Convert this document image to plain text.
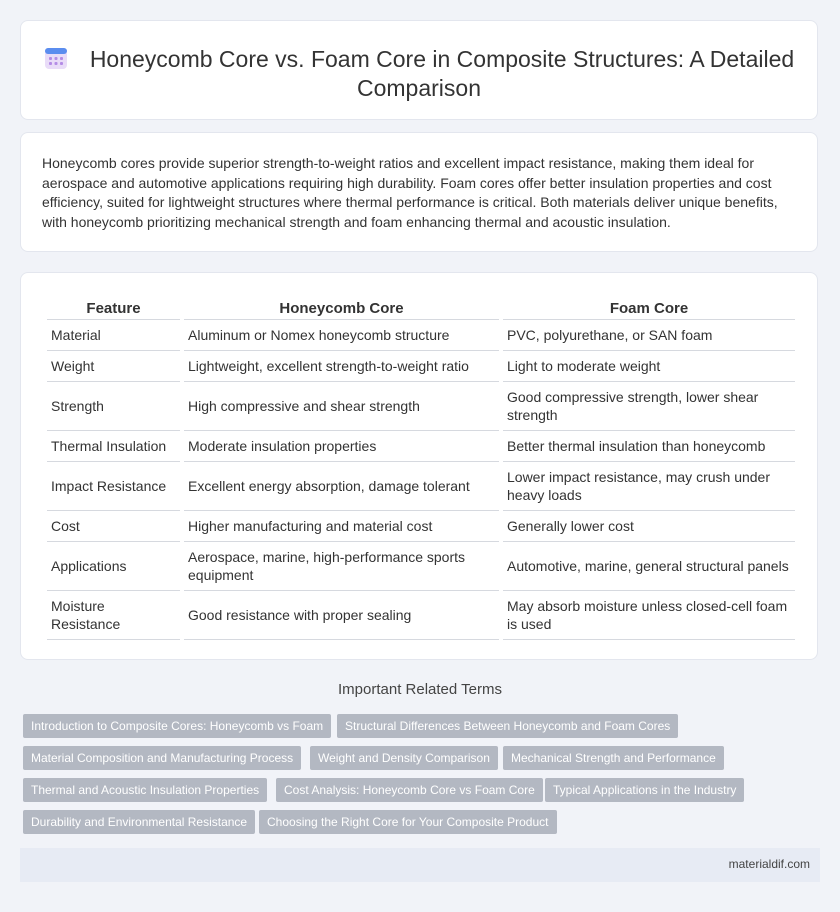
Honeycomb Core vs. Foam Core in Composite Structures: A Detailed Comparison
Honeycomb cores provide superior strength-to-weight ratios and excellent impact resistance, making them ideal for aerospace and automotive applications requiring high durability. Foam cores offer better insulation properties and cost efficiency, suited for lightweight structures where thermal performance is critical. Both materials deliver unique benefits, with honeycomb prioritizing mechanical strength and foam enhancing thermal and acoustic insulation.
Feature	Honeycomb Core	Foam Core
Material	Aluminum or Nomex honeycomb structure	PVC, polyurethane, or SAN foam
Weight	Lightweight, excellent strength-to-weight ratio	Light to moderate weight
Strength	High compressive and shear strength	Good compressive strength, lower shear strength
Thermal Insulation	Moderate insulation properties	Better thermal insulation than honeycomb
Impact Resistance	Excellent energy absorption, damage tolerant	Lower impact resistance, may crush under heavy loads
Cost	Higher manufacturing and material cost	Generally lower cost
Applications	Aerospace, marine, high-performance sports equipment	Automotive, marine, general structural panels
Moisture Resistance	Good resistance with proper sealing	May absorb moisture unless closed-cell foam is used
Important Related Terms
Introduction to Composite Cores: Honeycomb vs Foam	Structural Differences Between Honeycomb and Foam Cores
Material Composition and Manufacturing Process	Weight and Density Comparison	Mechanical Strength and Performance
Thermal and Acoustic Insulation Properties	Cost Analysis: Honeycomb Core vs Foam Core	Typical Applications in the Industry
Durability and Environmental Resistance	Choosing the Right Core for Your Composite Product
materialdif.com
